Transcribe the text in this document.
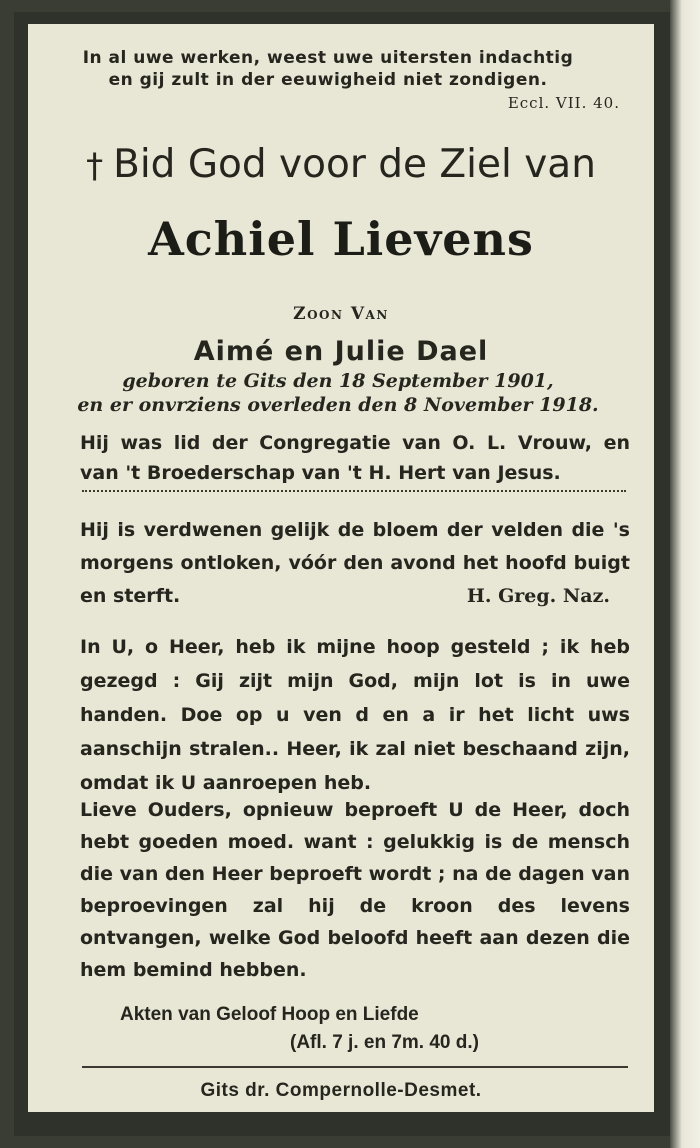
In al uwe werken, weest uwe uitersten indachtig
en gij zult in der eeuwigheid niet zondigen.
Eccl. VII. 40.
† Bid God voor de Ziel van
Achiel Lievens
Zoon Van
Aimé en Julie Dael
geboren te Gits den 18 September 1901,
en er onvrziens overleden den 8 November 1918.
Hij was lid der Congregatie van O. L. Vrouw, en van 't Broederschap van 't H. Hert van Jesus.
Hij is verdwenen gelijk de bloem der velden die 's morgens ontloken, vóór den avond het hoofd buigt en sterft.	H. Greg. Naz.
In U, o Heer, heb ik mijne hoop gesteld ; ik heb gezegd : Gij zijt mijn God, mijn lot is in uwe handen. Doe op u ven d en a ir het licht uws aanschijn stralen.. Heer, ik zal niet beschaand zijn, omdat ik U aanroepen heb.
Lieve Ouders, opnieuw beproeft U de Heer, doch hebt goeden moed. want : gelukkig is de mensch die van den Heer beproeft wordt ; na de dagen van beproevingen zal hij de kroon des levens ontvangen, welke God beloofd heeft aan dezen die hem bemind hebben.
Akten van Geloof Hoop en Liefde
(Afl. 7 j. en 7m. 40 d.)
Gits dr. Compernolle-Desmet.
